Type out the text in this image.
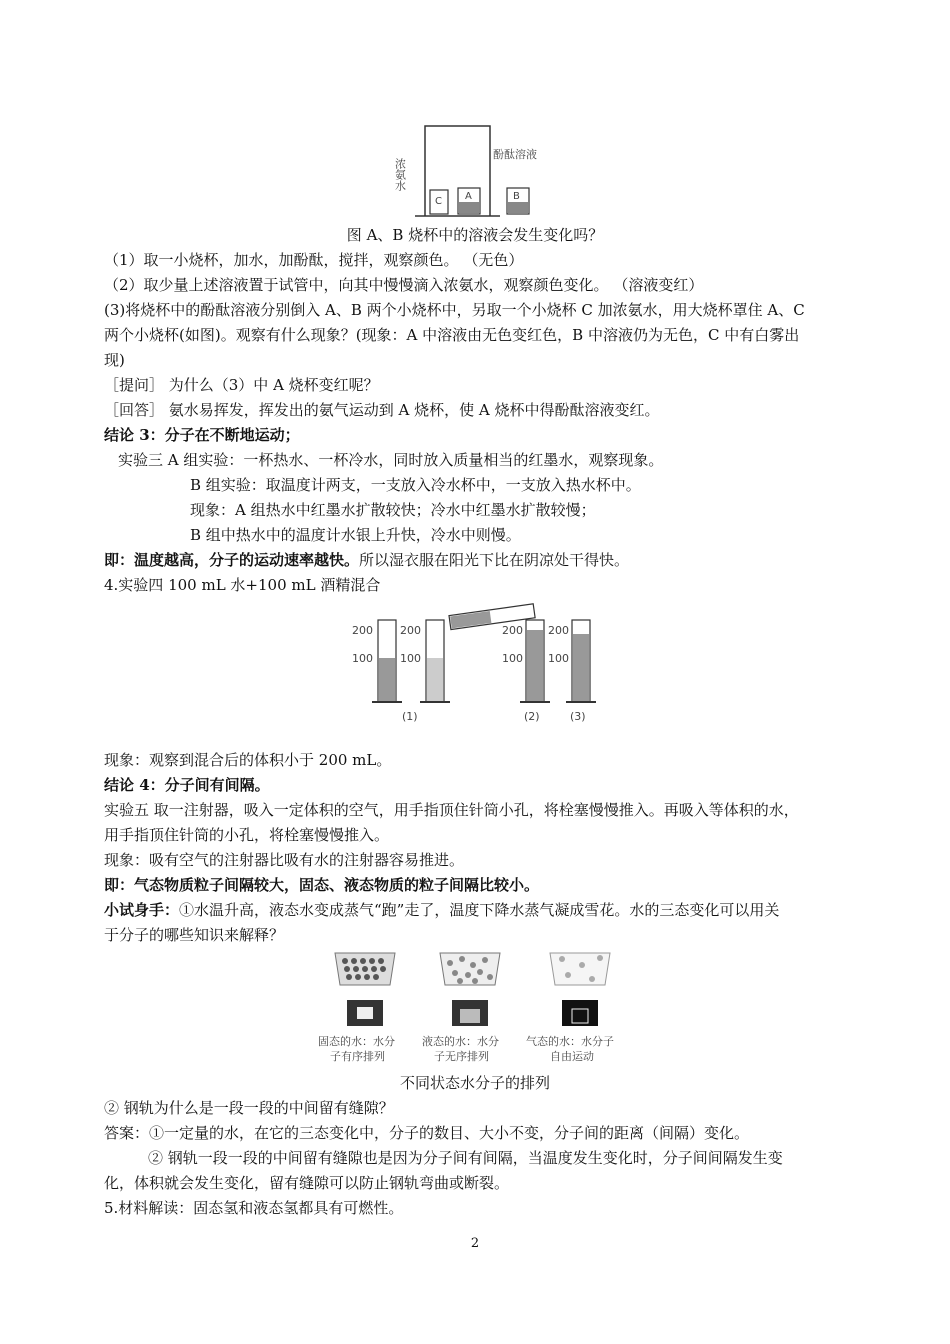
C A	B
浓氨水
酚酞溶液
图 A、B 烧杯中的溶液会发生变化吗？
（1）取一小烧杯，加水，加酚酞，搅拌，观察颜色。 （无色）
（2）取少量上述溶液置于试管中，向其中慢慢滴入浓氨水，观察颜色变化。 （溶液变红）
(3)将烧杯中的酚酞溶液分别倒入 A、B 两个小烧杯中，另取一个小烧杯 C 加浓氨水，用大烧杯罩住 A、C
两个小烧杯(如图)。观察有什么现象？(现象：A 中溶液由无色变红色，B 中溶液仍为无色，C 中有白雾出
现)
［提问］ 为什么（3）中 A 烧杯变红呢？
［回答］ 氨水易挥发，挥发出的氨气运动到 A 烧杯，使 A 烧杯中得酚酞溶液变红。
结论 3：分子在不断地运动；
实验三 A 组实验：一杯热水、一杯冷水，同时放入质量相当的红墨水，观察现象。
B 组实验：取温度计两支，一支放入冷水杯中，一支放入热水杯中。
现象：A 组热水中红墨水扩散较快；冷水中红墨水扩散较慢；
B 组中热水中的温度计水银上升快，冷水中则慢。
即：温度越高，分子的运动速率越快。所以湿衣服在阳光下比在阴凉处干得快。
4.实验四 100 mL 水+100 mL 酒精混合
200
100
200
100
200
100
200
100
(1)	(2)	(3)
现象：观察到混合后的体积小于 200 mL。
结论 4：分子间有间隔。
实验五 取一注射器，吸入一定体积的空气，用手指顶住针筒小孔，将栓塞慢慢推入。再吸入等体积的水，
用手指顶住针筒的小孔，将栓塞慢慢推入。
现象：吸有空气的注射器比吸有水的注射器容易推进。
即：气态物质粒子间隔较大，固态、液态物质的粒子间隔比较小。
小试身手：①水温升高，液态水变成蒸气“跑”走了，温度下降水蒸气凝成雪花。水的三态变化可以用关
于分子的哪些知识来解释？
固态的水：水分
子有序排列
液态的水：水分
子无序排列
气态的水：水分子
自由运动
不同状态水分子的排列
② 钢轨为什么是一段一段的中间留有缝隙？
答案：①一定量的水，在它的三态变化中，分子的数目、大小不变，分子间的距离（间隔）变化。
② 钢轨一段一段的中间留有缝隙也是因为分子间有间隔，当温度发生变化时，分子间间隔发生变
化，体积就会发生变化，留有缝隙可以防止钢轨弯曲或断裂。
5.材料解读：固态氢和液态氢都具有可燃性。
2
